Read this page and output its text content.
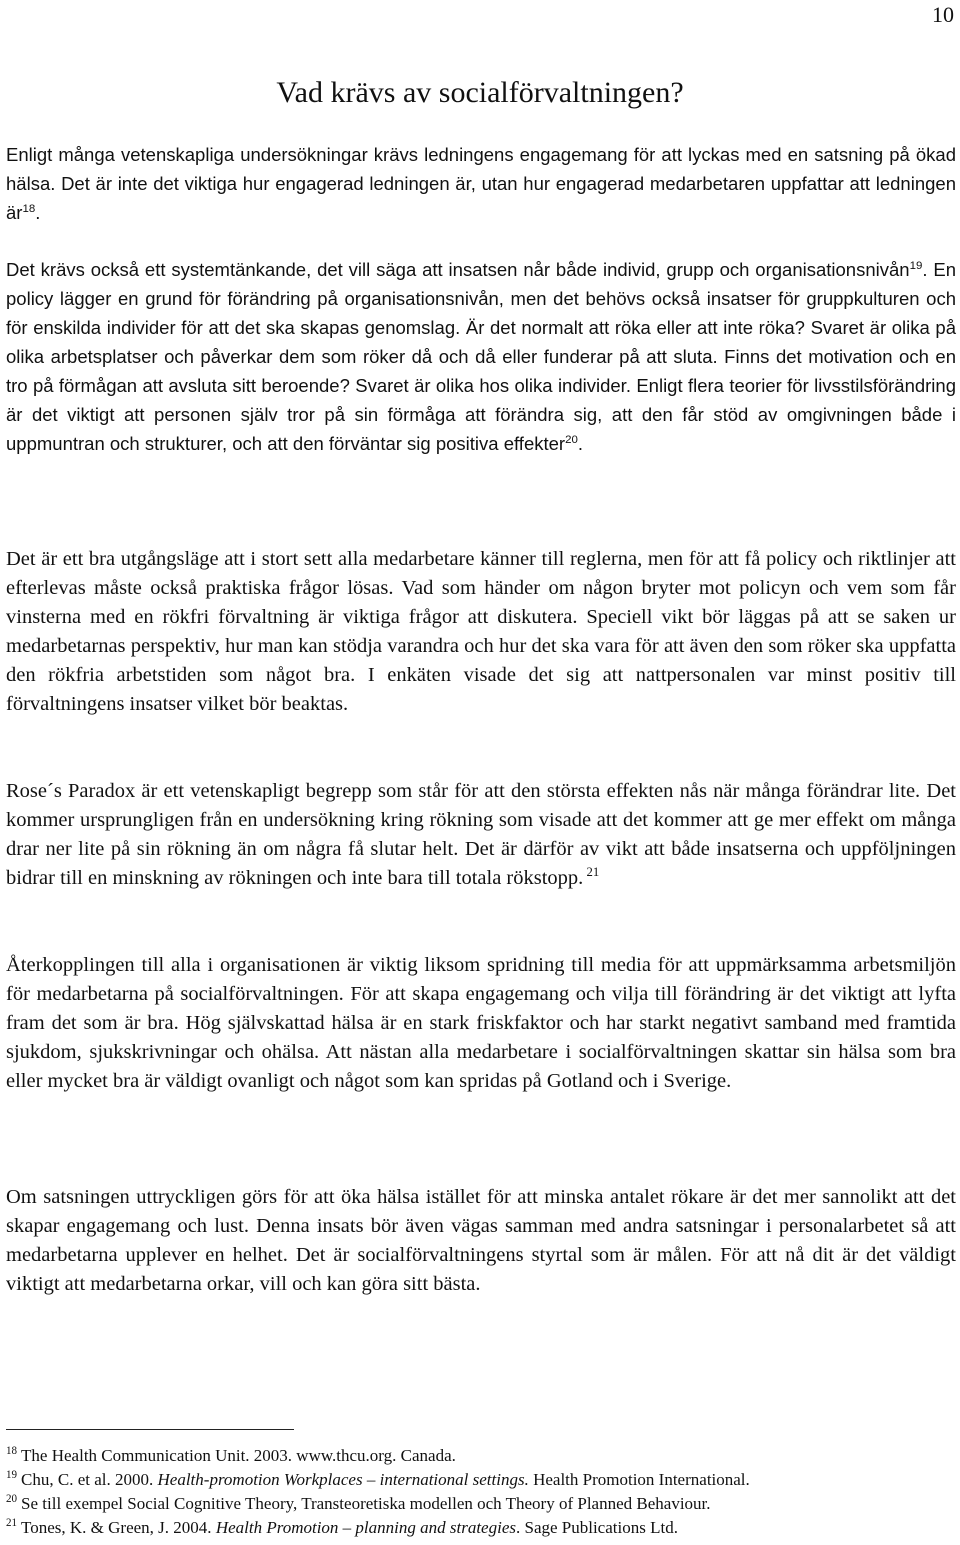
10
Vad krävs av socialförvaltningen?

Enligt många vetenskapliga undersökningar krävs ledningens engagemang för att lyckas med en satsning på ökad hälsa. Det är inte det viktiga hur engagerad ledningen är, utan hur engagerad medarbetaren uppfattar att ledningen $är^{18}$.

Det krävs också ett systemtänkande, det vill säga att insatsen når både individ, grupp och organisationsnivån$^{19}$. En policy lägger en grund för förändring på organisationsnivån, men det behövs också insatser för gruppkulturen och för enskilda individer för att det ska skapas genomslag. Är det normalt att röka eller att inte röka? Svaret är olika på olika arbetsplatser och påverkar dem som röker då och då eller funderar på att sluta. Finns det motivation och en tro på förmågan att avsluta sitt beroende? Svaret är olika hos olika individer. Enligt flera teorier för livsstilsförändring är det viktigt att personen själv tror på sin förmåga att förändra sig, att den får stöd av omgivningen både i uppmuntran och strukturer, och att den förväntar sig positiva effekter$^{20}$.

Det är ett bra utgångsläge att i stort sett alla medarbetare känner till reglerna, men för att få policy och riktlinjer att efterlevas måste också praktiska frågor lösas. Vad som händer om någon bryter mot policyn och vem som får vinsterna med en rökfri förvaltning är viktiga frågor att diskutera. Speciell vikt bör läggas på att se saken ur medarbetarnas perspektiv, hur man kan stödja varandra och hur det ska vara för att även den som röker ska uppfatta den rökfria arbetstiden som något bra. I enkäten visade det sig att nattpersonalen var minst positiv till förvaltningens insatser vilket bör beaktas.

Rose´s Paradox är ett vetenskapligt begrepp som står för att den största effekten nås när många förändrar lite. Det kommer ursprungligen från en undersökning kring rökning som visade att det kommer att ge mer effekt om många drar ner lite på sin rökning än om några få slutar helt. Det är därför av vikt att både insatserna och uppföljningen bidrar till en minskning av rökningen och inte bara till totala rökstopp. $^{21}$

Återkopplingen till alla i organisationen är viktig liksom spridning till media för att uppmärksamma arbetsmiljön för medarbetarna på socialförvaltningen. För att skapa engagemang och vilja till förändring är det viktigt att lyfta fram det som är bra. Hög självskattad hälsa är en stark friskfaktor och har starkt negativt samband med framtida sjukdom, sjukskrivningar och ohälsa. Att nästan alla medarbetare i socialförvaltningen skattar sin hälsa som bra eller mycket bra är väldigt ovanligt och något som kan spridas på Gotland och i Sverige.

Om satsningen uttryckligen görs för att öka hälsa istället för att minska antalet rökare är det mer sannolikt att det skapar engagemang och lust. Denna insats bör även vägas samman med andra satsningar i personalarbetet så att medarbetarna upplever en helhet. Det är socialförvaltningens styrtal som är målen. För att nå dit är det väldigt viktigt att medarbetarna orkar, vill och kan göra sitt bästa.

$^{18}$ The Health Communication Unit. 2003. www.thcu.org. Canada.
$^{19}$ Chu, C. et al. 2000. Health-promotion Workplaces – international settings. Health Promotion International.
$^{20}$ Se till exempel Social Cognitive Theory, Transteoretiska modellen och Theory of Planned Behaviour.
$^{21}$ Tones, K. & Green, J. 2004. Health Promotion – planning and strategies. Sage Publications Ltd.
